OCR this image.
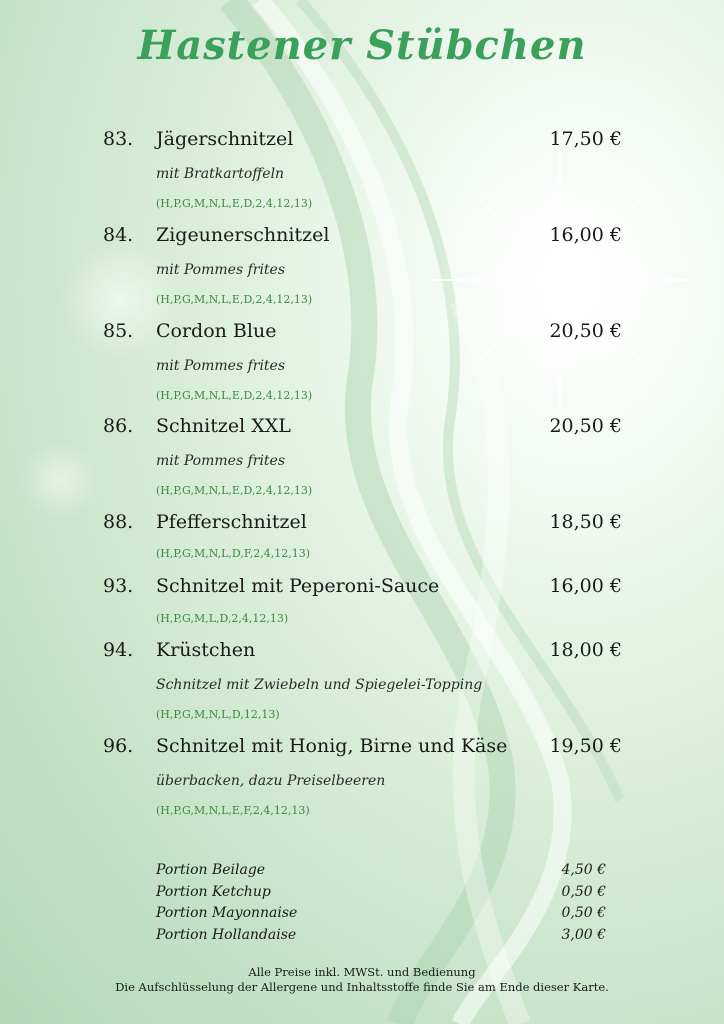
Hastener Stübchen
83. Jägerschnitzel	17,50 €
mit Bratkartoffeln
(H,P,G,M,N,L,E,D,2,4,12,13)
84. Zigeunerschnitzel	16,00 €
mit Pommes frites
(H,P,G,M,N,L,E,D,2,4,12,13)
85. Cordon Blue	20,50 €
mit Pommes frites
(H,P,G,M,N,L,E,D,2,4,12,13)
86. Schnitzel XXL	20,50 €
mit Pommes frites
(H,P,G,M,N,L,E,D,2,4,12,13)
88. Pfefferschnitzel	18,50 €
(H,P,G,M,N,L,D,F,2,4,12,13)
93. Schnitzel mit Peperoni-Sauce	16,00 €
(H,P,G,M,L,D,2,4,12,13)
94. Krüstchen	18,00 €
Schnitzel mit Zwiebeln und Spiegelei-Topping
(H,P,G,M,N,L,D,12,13)
96. Schnitzel mit Honig, Birne und Käse 19,50 €
überbacken, dazu Preiselbeeren
(H,P,G,M,N,L,E,F,2,4,12,13)
Portion Beilage	4,50 €
Portion Ketchup	0,50 €
Portion Mayonnaise	0,50 €
Portion Hollandaise	3,00 €
Alle Preise inkl. MWSt. und Bedienung
Die Aufschlüsselung der Allergene und Inhaltsstoffe finde Sie am Ende dieser Karte.
